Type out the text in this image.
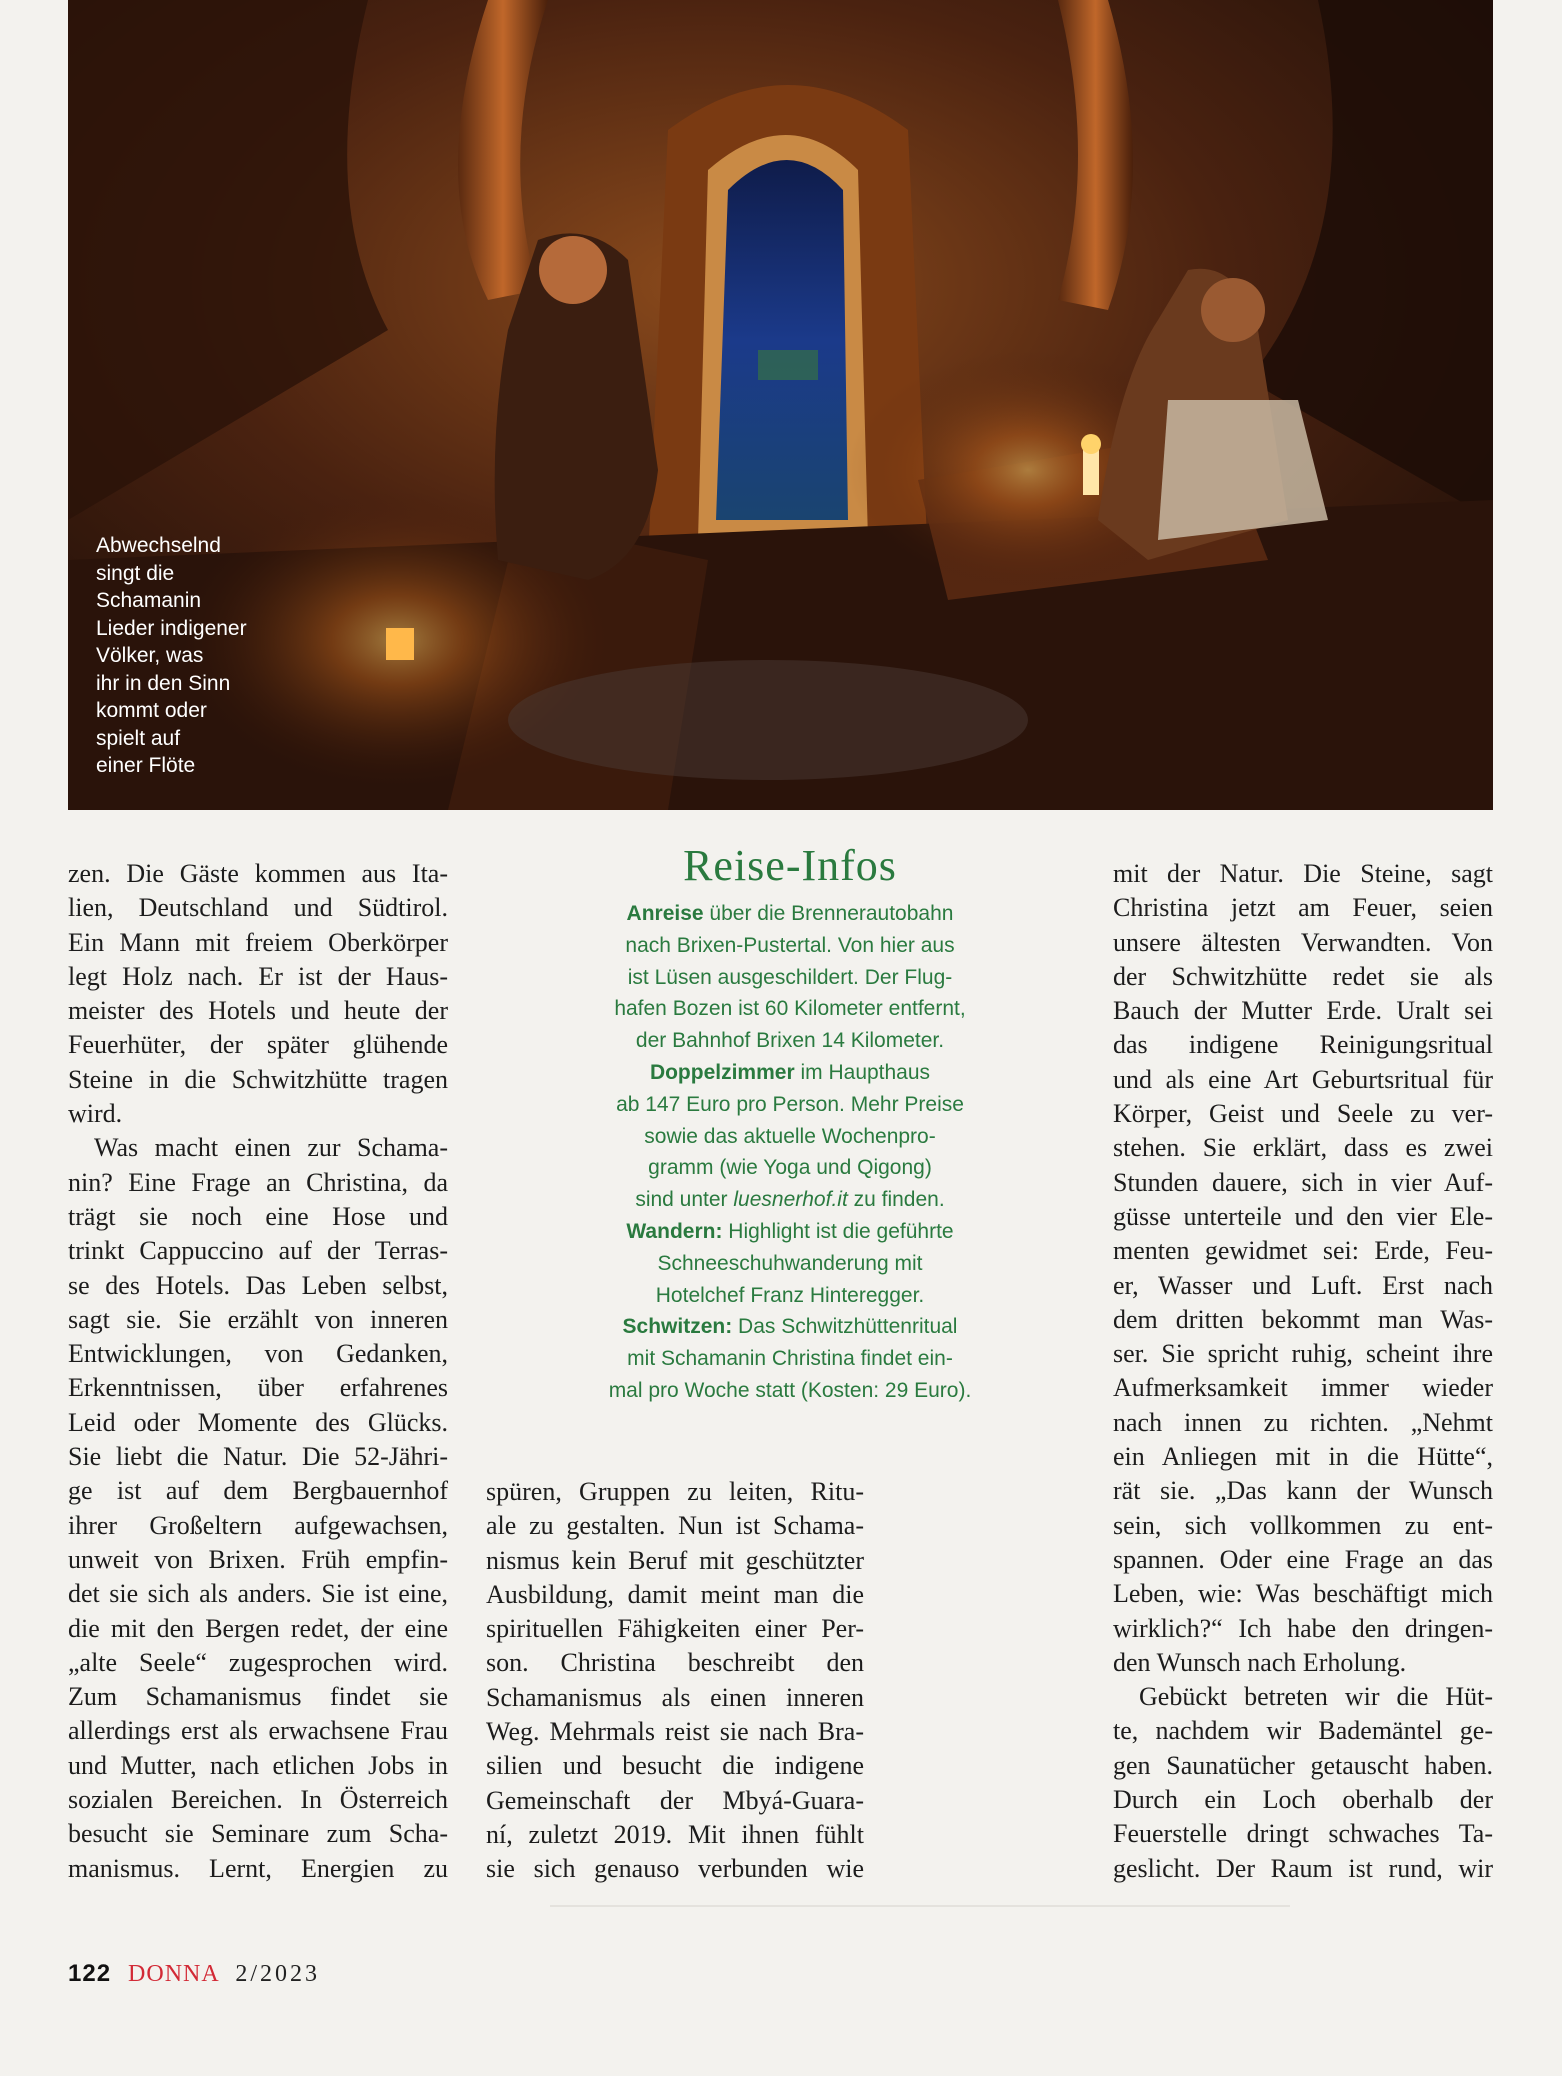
Abwechselnd
singt die
Schamanin
Lieder indigener
Völker, was
ihr in den Sinn
kommt oder
spielt auf
einer Flöte
zen. Die Gäste kommen aus Ita-
lien, Deutschland und Südtirol.
Ein Mann mit freiem Oberkörper
legt Holz nach. Er ist der Haus-
meister des Hotels und heute der
Feuerhüter, der später glühende
Steine in die Schwitzhütte tragen
wird.
Was macht einen zur Schama-
nin? Eine Frage an Christina, da
trägt sie noch eine Hose und
trinkt Cappuccino auf der Terras-
se des Hotels. Das Leben selbst,
sagt sie. Sie erzählt von inneren
Entwicklungen, von Gedanken,
Erkenntnissen, über erfahrenes
Leid oder Momente des Glücks.
Sie liebt die Natur. Die 52-Jähri-
ge ist auf dem Bergbauernhof
ihrer Großeltern aufgewachsen,
unweit von Brixen. Früh empfin-
det sie sich als anders. Sie ist eine,
die mit den Bergen redet, der eine
„alte Seele“ zugesprochen wird.
Zum Schamanismus findet sie
allerdings erst als erwachsene Frau
und Mutter, nach etlichen Jobs in
sozialen Bereichen. In Österreich
besucht sie Seminare zum Scha-
manismus. Lernt, Energien zu
Reise-Infos
Anreise über die Brennerautobahn
nach Brixen-Pustertal. Von hier aus
ist Lüsen ausgeschildert. Der Flug-
hafen Bozen ist 60 Kilometer entfernt,
der Bahnhof Brixen 14 Kilometer.
Doppelzimmer im Haupthaus
ab 147 Euro pro Person. Mehr Preise
sowie das aktuelle Wochenpro-
gramm (wie Yoga und Qigong)
sind unter luesnerhof.it zu finden.
Wandern: Highlight ist die geführte
Schneeschuhwanderung mit
Hotelchef Franz Hinteregger.
Schwitzen: Das Schwitzhüttenritual
mit Schamanin Christina findet ein-
mal pro Woche statt (Kosten: 29 Euro).
spüren, Gruppen zu leiten, Ritu-
ale zu gestalten. Nun ist Schama-
nismus kein Beruf mit geschützter
Ausbildung, damit meint man die
spirituellen Fähigkeiten einer Per-
son. Christina beschreibt den
Schamanismus als einen inneren
Weg. Mehrmals reist sie nach Bra-
silien und besucht die indigene
Gemeinschaft der Mbyá-Guara-
ní, zuletzt 2019. Mit ihnen fühlt
sie sich genauso verbunden wie
mit der Natur. Die Steine, sagt
Christina jetzt am Feuer, seien
unsere ältesten Verwandten. Von
der Schwitzhütte redet sie als
Bauch der Mutter Erde. Uralt sei
das indigene Reinigungsritual
und als eine Art Geburtsritual für
Körper, Geist und Seele zu ver-
stehen. Sie erklärt, dass es zwei
Stunden dauere, sich in vier Auf-
güsse unterteile und den vier Ele-
menten gewidmet sei: Erde, Feu-
er, Wasser und Luft. Erst nach
dem dritten bekommt man Was-
ser. Sie spricht ruhig, scheint ihre
Aufmerksamkeit immer wieder
nach innen zu richten. „Nehmt
ein Anliegen mit in die Hütte“,
rät sie. „Das kann der Wunsch
sein, sich vollkommen zu ent-
spannen. Oder eine Frage an das
Leben, wie: Was beschäftigt mich
wirklich?“ Ich habe den dringen-
den Wunsch nach Erholung.
Gebückt betreten wir die Hüt-
te, nachdem wir Bademäntel ge-
gen Saunatücher getauscht haben.
Durch ein Loch oberhalb der
Feuerstelle dringt schwaches Ta-
geslicht. Der Raum ist rund, wir
122 DONNA 2/2023
